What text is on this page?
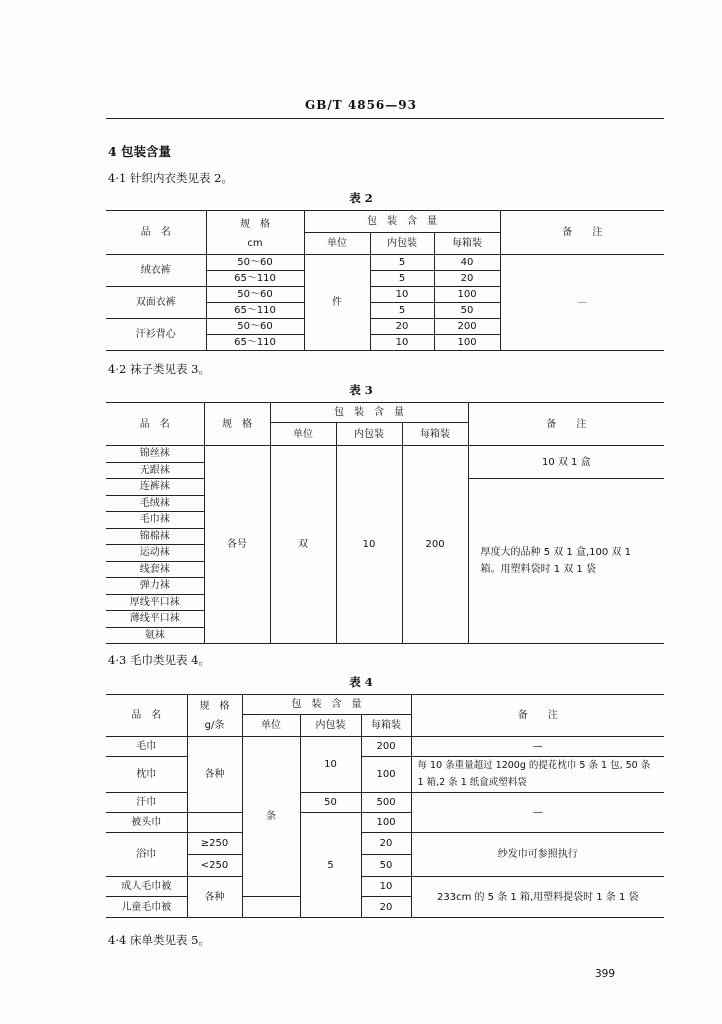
GB/T 4856—93
4 包装含量
4·1 针织内衣类见表 2。
表 2
品　名	规　格	包　装　含　量			备　　注
	cm	单位	内包装	每箱装	
绒衣裤	50～60	件	5	40	—
	65～110		5	20	
双面衣裤	50～60		10	100	
	65～110		5	50	
汗衫背心	50～60		20	200	
	65～110		10	100	
4·2 袜子类见表 3。
表 3
品　名	规　格	包　装　含　量			备　　注
		单位	内包装	每箱装	
锦丝袜	各号	双	10	200	10 双 1 盒
无跟袜					
连裤袜					厚度大的品种 5 双 1 盒,100 双 1 箱。用塑料袋时 1 双 1 袋
毛绒袜					
毛巾袜					
锦棉袜					
运动袜					
线套袜					
弹力袜					
厚线平口袜					
薄线平口袜					
氨袜					
4·3 毛巾类见表 4。
表 4
品　名	规　格	包　装　含　量			备　　注
	g/条	单位	内包装	每箱装	
毛巾	各种	条	10	200	—
枕巾				100	每 10 条重量超过 1200g 的提花枕巾 5 条 1 包, 50 条 1 箱,2 条 1 纸盒或塑料袋
汗巾			50	500	—
被头巾			5	100	
浴巾	≥250			20	纱发巾可参照执行
	<250			50	
成人毛巾被	各种			10	233cm 的 5 条 1 箱,用塑料提袋时 1 条 1 袋
儿童毛巾被				20	
4·4 床单类见表 5。
399
